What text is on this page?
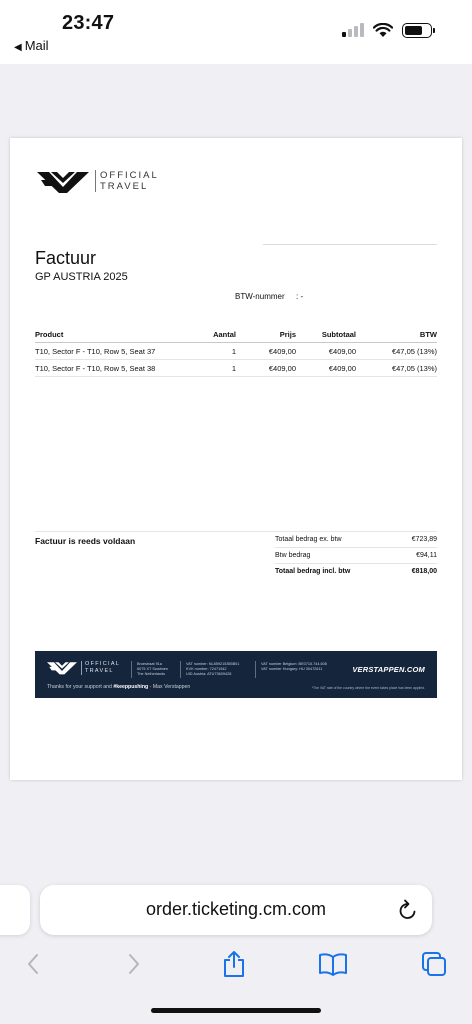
23:47
◀ Mail
OFFICIAL
TRAVEL
Factuur
GP AUSTRIA 2025
BTW-nummer : -
Product	Aantal	Prijs	Subtotaal	BTW
T10, Sector F - T10, Row 5, Seat 37	1	€409,00	€409,00	€47,05 (13%)
T10, Sector F - T10, Row 5, Seat 38	1	€409,00	€409,00	€47,05 (13%)
Factuur is reeds voldaan	Totaal bedrag ex. btw	€723,89
Btw bedrag	€94,11
Totaal bedrag incl. btw	€818,00
OFFICIAL
TRAVEL
Broestraat 91a
6075 XT Swalmen
The Netherlands
VAT number: NL859215355B01
KVK number: 72471542
UID Austria: ATU73609428
VAT number Belgium: BE0715.744.608
VAT number Hungary: HU 30472611	VERSTAPPEN.COM
Thanks for your support and #keeppushing - Max Verstappen	*The VAT rate of the country where the event takes place has been applied.
order.ticketing.cm.com
